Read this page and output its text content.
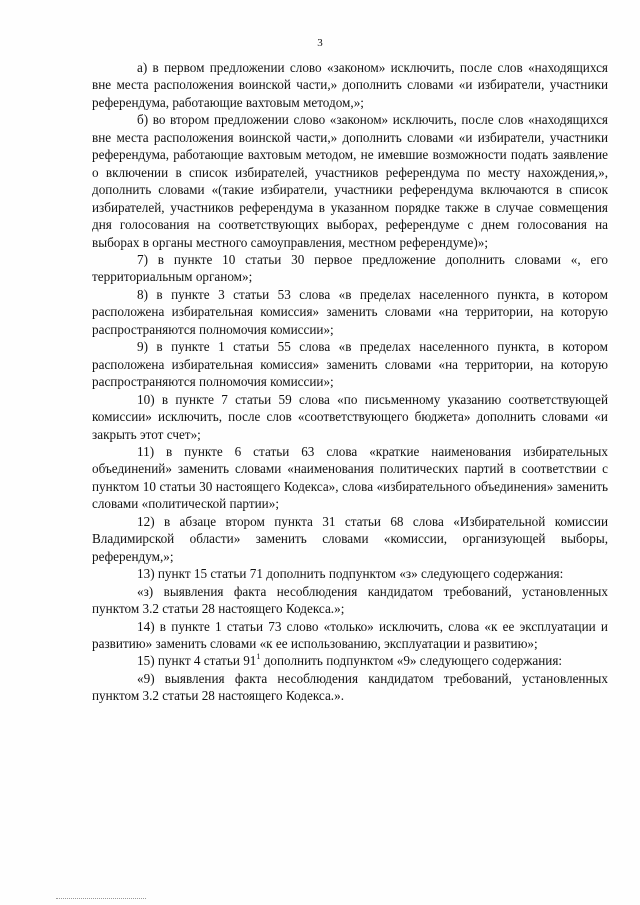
3

а) в первом предложении слово «законом» исключить, после слов «находящихся вне места расположения воинской части,» дополнить словами «и избиратели, участники референдума, работающие вахтовым методом,»;

б) во втором предложении слово «законом» исключить, после слов «находящихся вне места расположения воинской части,» дополнить словами «и избиратели, участники референдума, работающие вахтовым методом, не имевшие возможности подать заявление о включении в список избирателей, участников референдума по месту нахождения,», дополнить словами «(такие избиратели, участники референдума включаются в список избирателей, участников референдума в указанном порядке также в случае совмещения дня голосования на соответствующих выборах, референдуме с днем голосования на выборах в органы местного самоуправления, местном референдуме)»;

7) в пункте 10 статьи 30 первое предложение дополнить словами «, его территориальным органом»;

8) в пункте 3 статьи 53 слова «в пределах населенного пункта, в котором расположена избирательная комиссия» заменить словами «на территории, на которую распространяются полномочия комиссии»;

9) в пункте 1 статьи 55 слова «в пределах населенного пункта, в котором расположена избирательная комиссия» заменить словами «на территории, на которую распространяются полномочия комиссии»;

10) в пункте 7 статьи 59 слова «по письменному указанию соответствующей комиссии» исключить, после слов «соответствующего бюджета» дополнить словами «и закрыть этот счет»;

11) в пункте 6 статьи 63 слова «краткие наименования избирательных объединений» заменить словами «наименования политических партий в соответствии с пунктом 10 статьи 30 настоящего Кодекса», слова «избирательного объединения» заменить словами «политической партии»;

12) в абзаце втором пункта 31 статьи 68 слова «Избирательной комиссии Владимирской области» заменить словами «комиссии, организующей выборы, референдум,»;

13) пункт 15 статьи 71 дополнить подпунктом «з» следующего содержания:

«з) выявления факта несоблюдения кандидатом требований, установленных пунктом 3.2 статьи 28 настоящего Кодекса.»;

14) в пункте 1 статьи 73 слово «только» исключить, слова «к ее эксплуатации и развитию» заменить словами «к ее использованию, эксплуатации и развитию»;

15) пункт 4 статьи $91^1$ дополнить подпунктом «9» следующего содержания:

«9) выявления факта несоблюдения кандидатом требований, установленных пунктом 3.2 статьи 28 настоящего Кодекса.».
